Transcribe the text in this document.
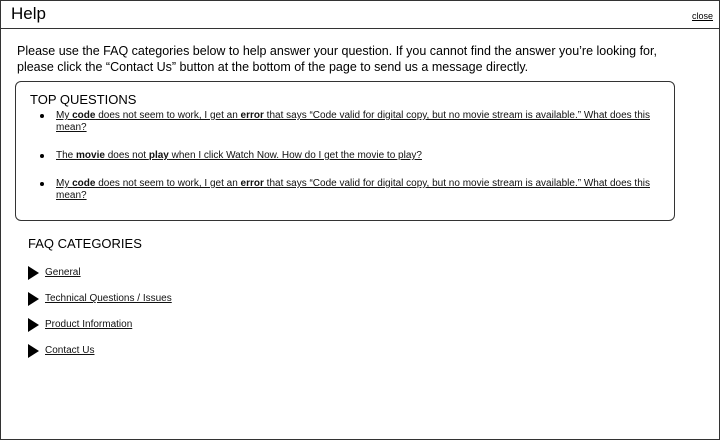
Help	close

Please use the FAQ categories below to help answer your question. If you cannot find the answer you’re looking for, please click the “Contact Us” button at the bottom of the page to send us a message directly.

TOP QUESTIONS
My code does not seem to work, I get an error that says “Code valid for digital copy, but no movie stream is available.” What does this mean?
The movie does not play when I click Watch Now. How do I get the movie to play?
My code does not seem to work, I get an error that says “Code valid for digital copy, but no movie stream is available.” What does this mean?
FAQ CATEGORIES
General
Technical Questions / Issues
Product Information
Contact Us
